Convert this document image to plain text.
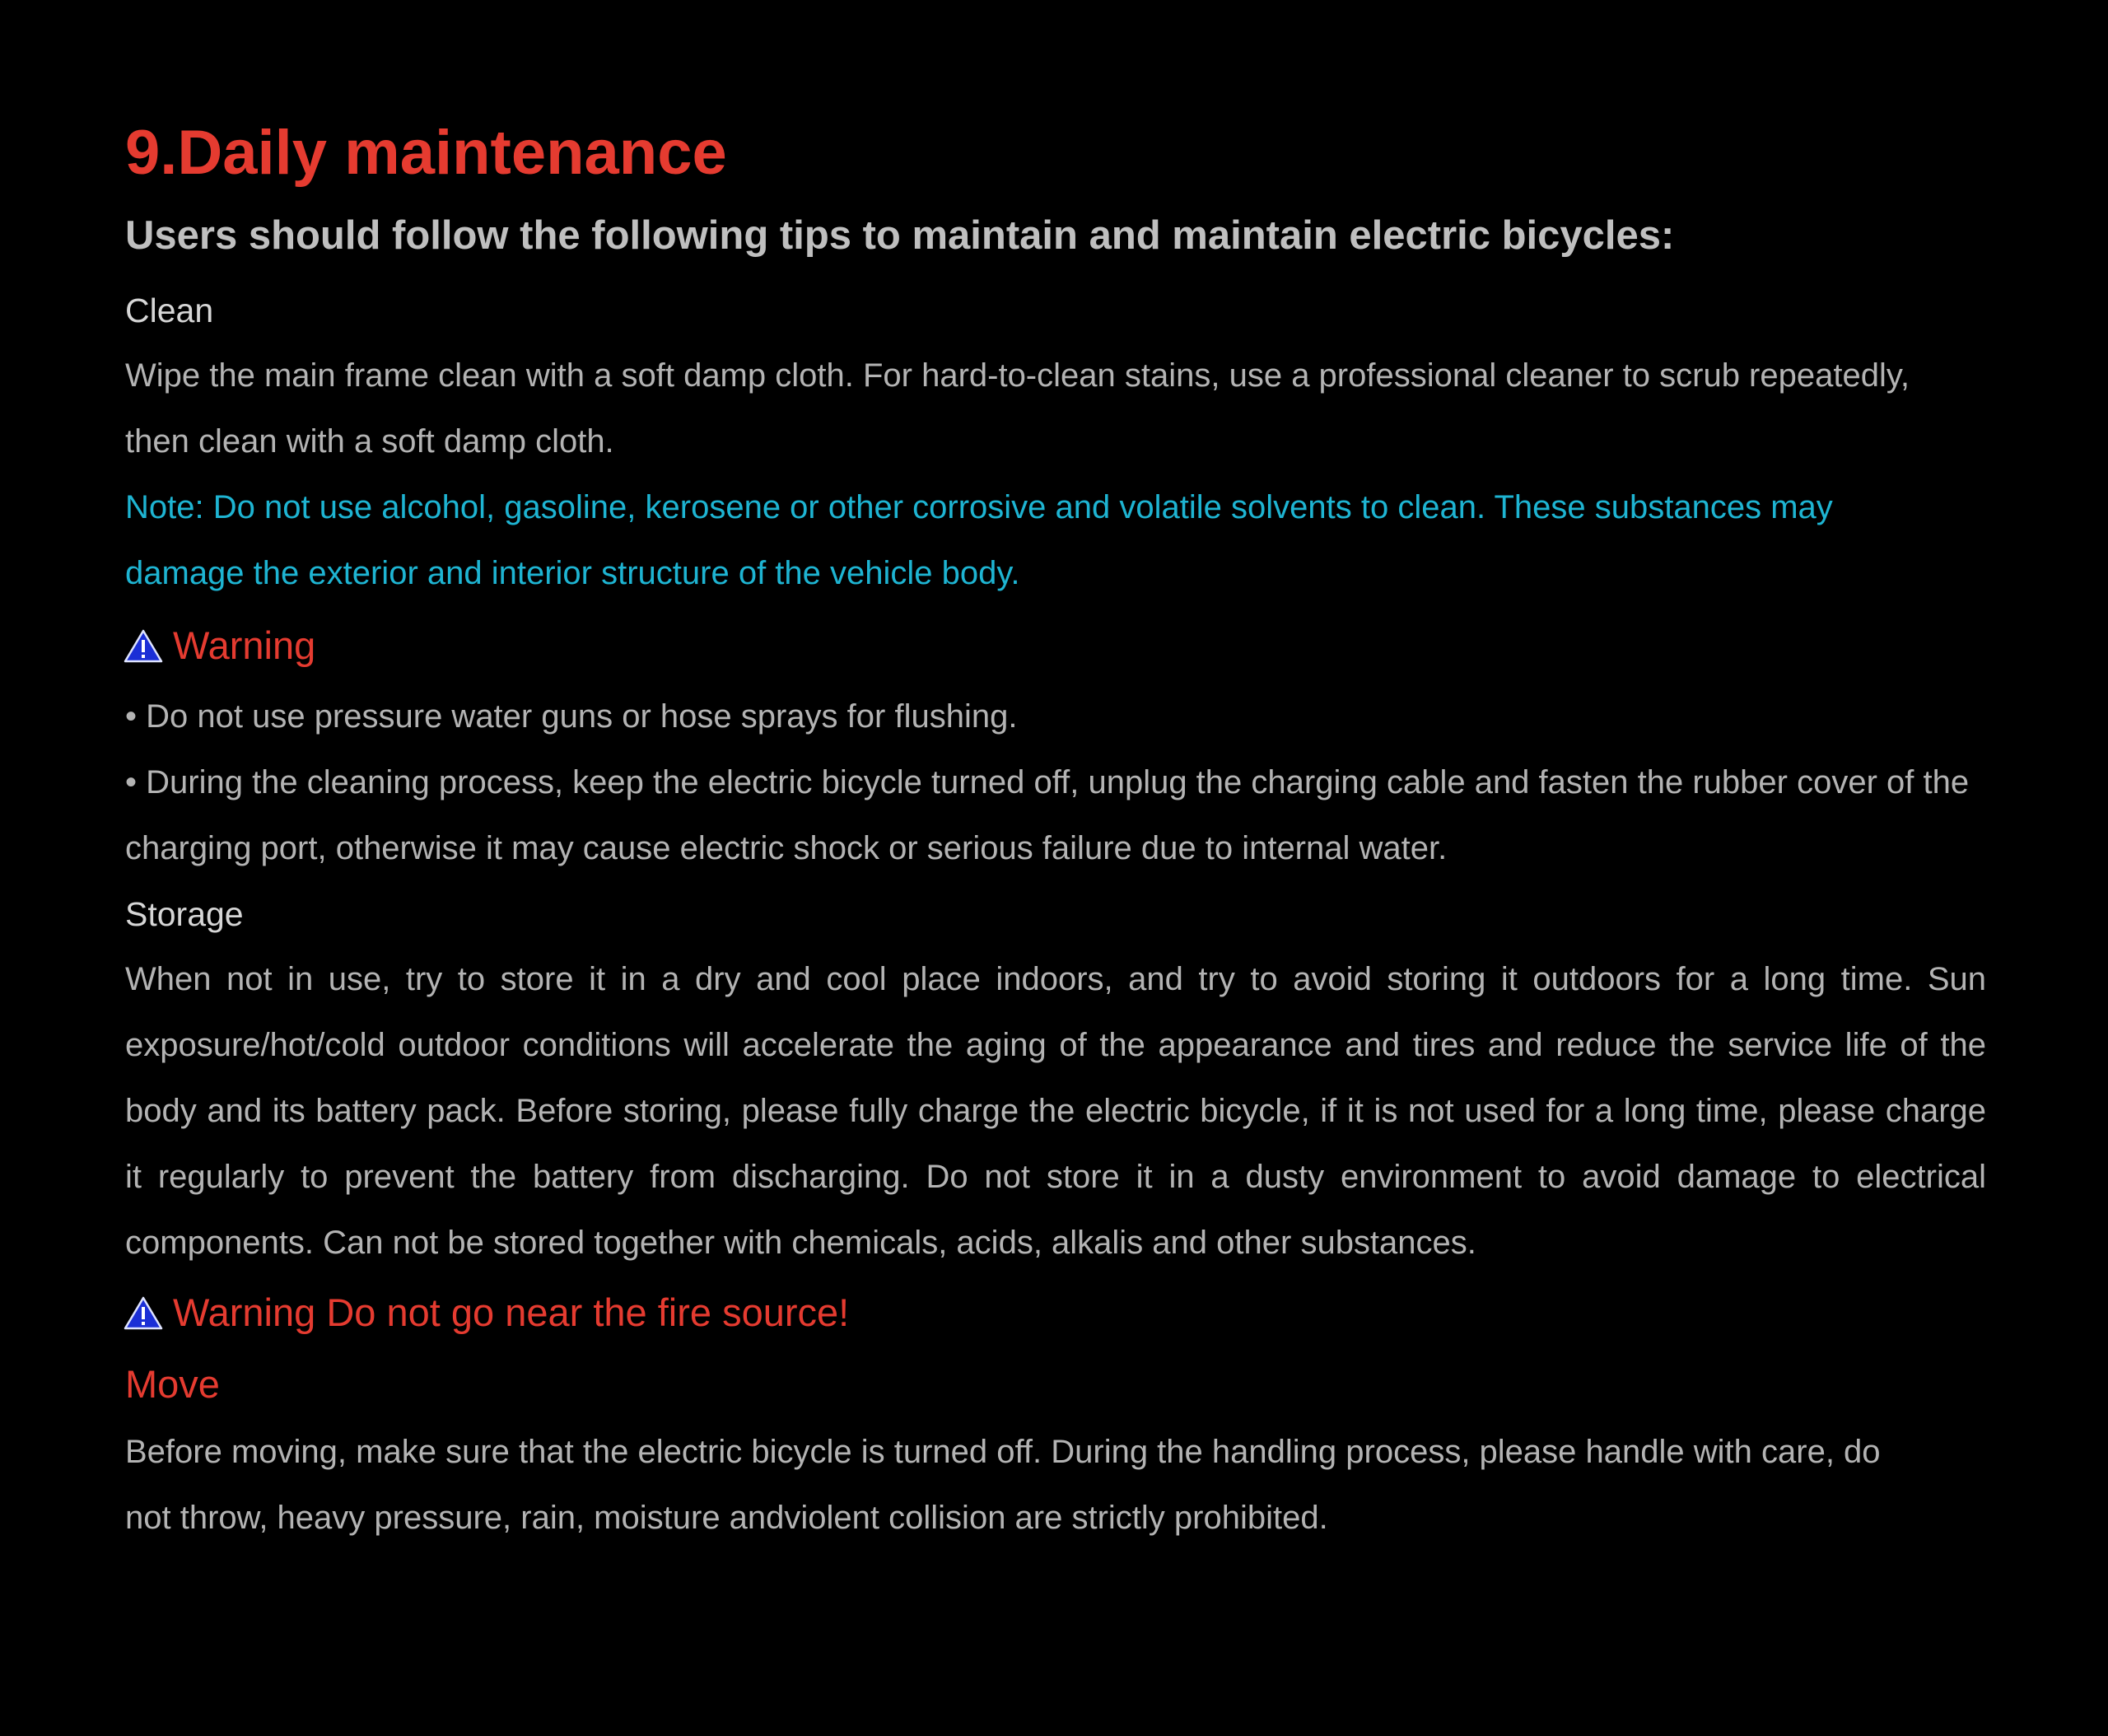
9.Daily maintenance
Users should follow the following tips to maintain and maintain electric bicycles:
Clean
Wipe the main frame clean with a soft damp cloth. For hard-to-clean stains, use a professional cleaner to scrub repeatedly,
then clean with a soft damp cloth.
Note: Do not use alcohol, gasoline, kerosene or other corrosive and volatile solvents to clean. These substances may
damage the exterior and interior structure of the vehicle body.
Warning
• Do not use pressure water guns or hose sprays for flushing.
• During the cleaning process, keep the electric bicycle turned off, unplug the charging cable and fasten the rubber cover of the
charging port, otherwise it may cause electric shock or serious failure due to internal water.
Storage
When not in use, try to store it in a dry and cool place indoors, and try to avoid storing it outdoors for a long time. Sun
exposure/hot/cold outdoor conditions will accelerate the aging of the appearance and tires and reduce the service life of the
body and its battery pack. Before storing, please fully charge the electric bicycle, if it is not used for a long time, please charge
it regularly to prevent the battery from discharging. Do not store it in a dusty environment to avoid damage to electrical
components. Can not be stored together with chemicals, acids, alkalis and other substances.
Warning Do not go near the fire source!
Move
Before moving, make sure that the electric bicycle is turned off. During the handling process, please handle with care, do
not throw, heavy pressure, rain, moisture andviolent collision are strictly prohibited.
